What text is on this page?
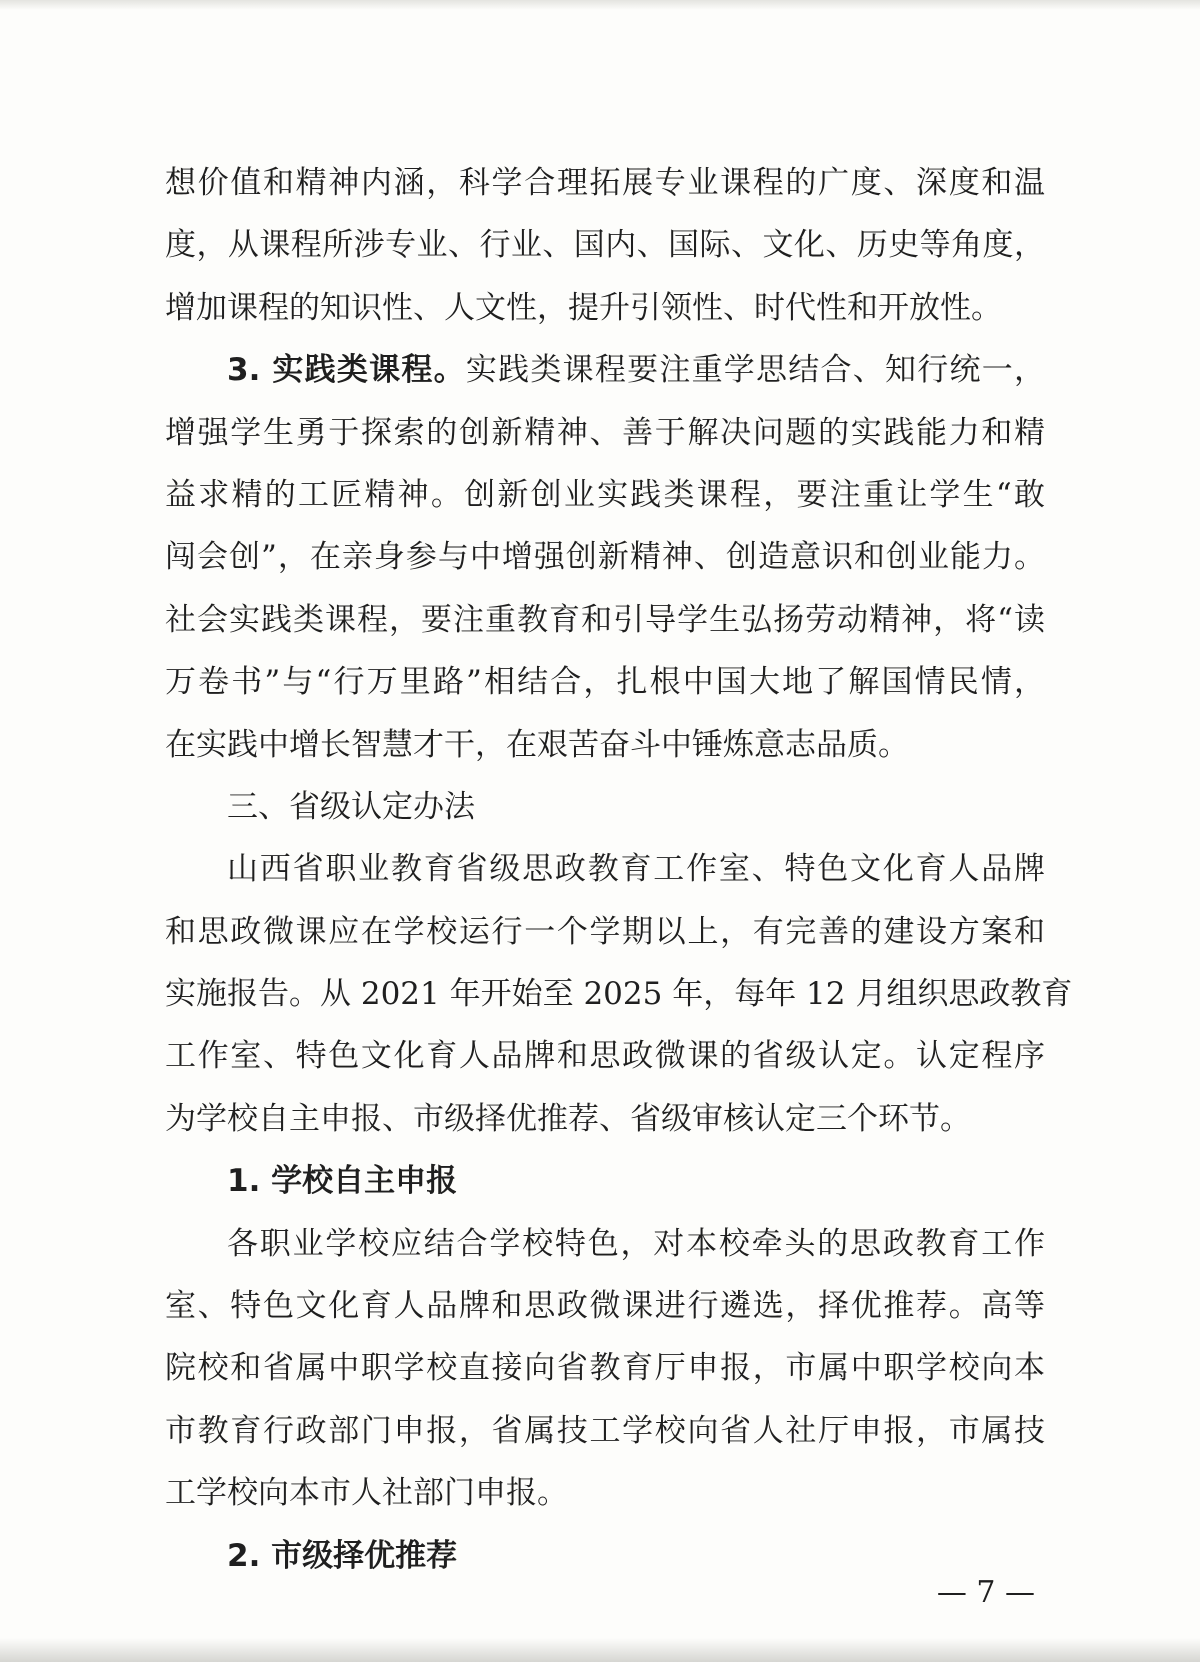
想价值和精神内涵，科学合理拓展专业课程的广度、深度和温
度，从课程所涉专业、行业、国内、国际、文化、历史等角度，
增加课程的知识性、人文性，提升引领性、时代性和开放性。
3. 实践类课程。实践类课程要注重学思结合、知行统一，
增强学生勇于探索的创新精神、善于解决问题的实践能力和精
益求精的工匠精神。创新创业实践类课程，要注重让学生“敢
闯会创”，在亲身参与中增强创新精神、创造意识和创业能力。
社会实践类课程，要注重教育和引导学生弘扬劳动精神，将“读
万卷书”与“行万里路”相结合，扎根中国大地了解国情民情，
在实践中增长智慧才干，在艰苦奋斗中锤炼意志品质。
三、省级认定办法
山西省职业教育省级思政教育工作室、特色文化育人品牌
和思政微课应在学校运行一个学期以上，有完善的建设方案和
实施报告。从 2021 年开始至 2025 年，每年 12 月组织思政教育
工作室、特色文化育人品牌和思政微课的省级认定。认定程序
为学校自主申报、市级择优推荐、省级审核认定三个环节。
1. 学校自主申报
各职业学校应结合学校特色，对本校牵头的思政教育工作
室、特色文化育人品牌和思政微课进行遴选，择优推荐。高等
院校和省属中职学校直接向省教育厅申报，市属中职学校向本
市教育行政部门申报，省属技工学校向省人社厅申报，市属技
工学校向本市人社部门申报。
2. 市级择优推荐
— 7 —
